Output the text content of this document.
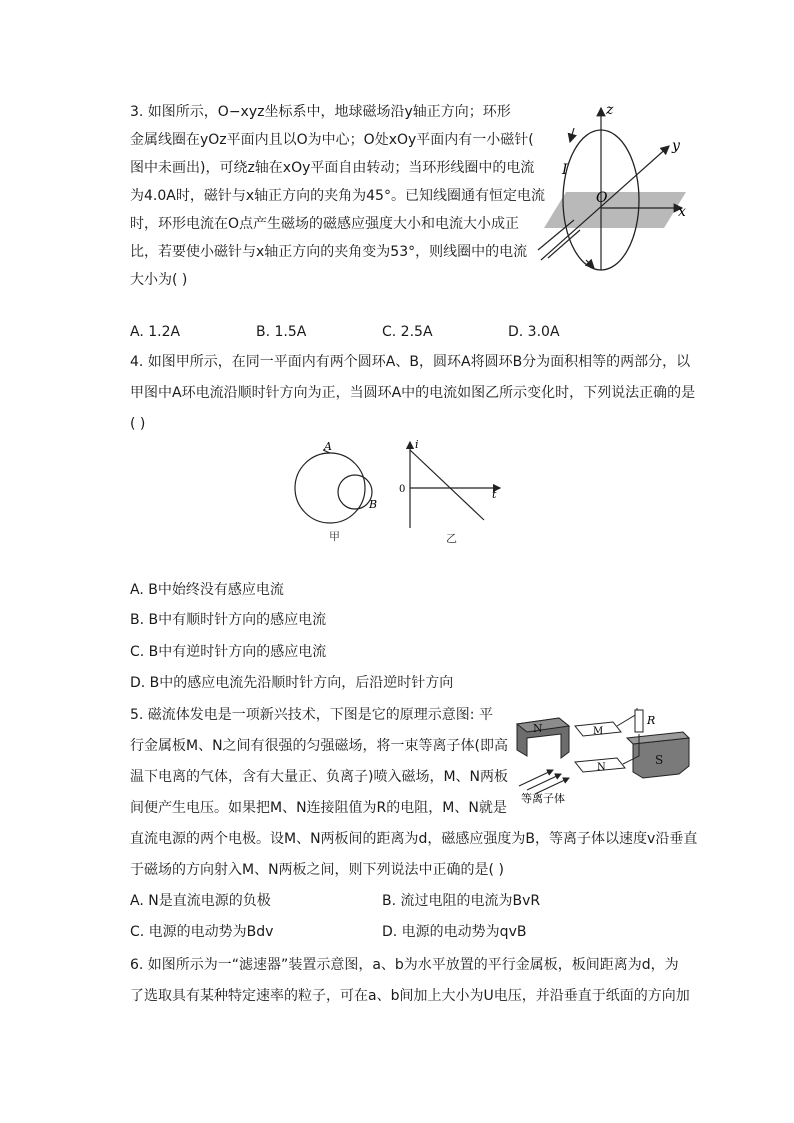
3. 如图所示，O−xyz坐标系中，地球磁场沿y轴正方向；环形

金属线圈在yOz平面内且以O为中心；O处xOy平面内有一小磁针(

图中未画出)，可绕z轴在xOy平面自由转动；当环形线圈中的电流

为4.0A时，磁针与x轴正方向的夹角为45°。已知线圈通有恒定电流

时，环形电流在O点产生磁场的磁感应强度大小和电流大小成正

比，若要使小磁针与x轴正方向的夹角变为53°，则线圈中的电流

大小为( )

z
y
x
O
I
A. 1.2A	B. 1.5A	C. 2.5A	D. 3.0A

4. 如图甲所示，在同一平面内有两个圆环A、B，圆环A将圆环B分为面积相等的两部分，以

甲图中A环电流沿顺时针方向为正，当圆环A中的电流如图乙所示变化时，下列说法正确的是

( )

A
B
甲
i
t
0
乙
A. B中始终没有感应电流
B. B中有顺时针方向的感应电流
C. B中有逆时针方向的感应电流
D. B中的感应电流先沿顺时针方向，后沿逆时针方向

5. 磁流体发电是一项新兴技术，下图是它的原理示意图: 平

行金属板M、N之间有很强的匀强磁场，将一束等离子体(即高

温下电离的气体，含有大量正、负离子)喷入磁场，M、N两板

间便产生电压。如果把M、N连接阻值为R的电阻，M、N就是

直流电源的两个电极。设M、N两板间的距离为d，磁感应强度为B，等离子体以速度v沿垂直

于磁场的方向射入M、N两板之间，则下列说法中正确的是( )

N
S
M
N
R
等离子体
A. N是直流电源的负极	B. 流过电阻的电流为BvR
C. 电源的电动势为Bdv	D. 电源的电动势为qvB

6. 如图所示为一“滤速器”装置示意图，a、b为水平放置的平行金属板，板间距离为d，为

了选取具有某种特定速率的粒子，可在a、b间加上大小为U电压，并沿垂直于纸面的方向加
